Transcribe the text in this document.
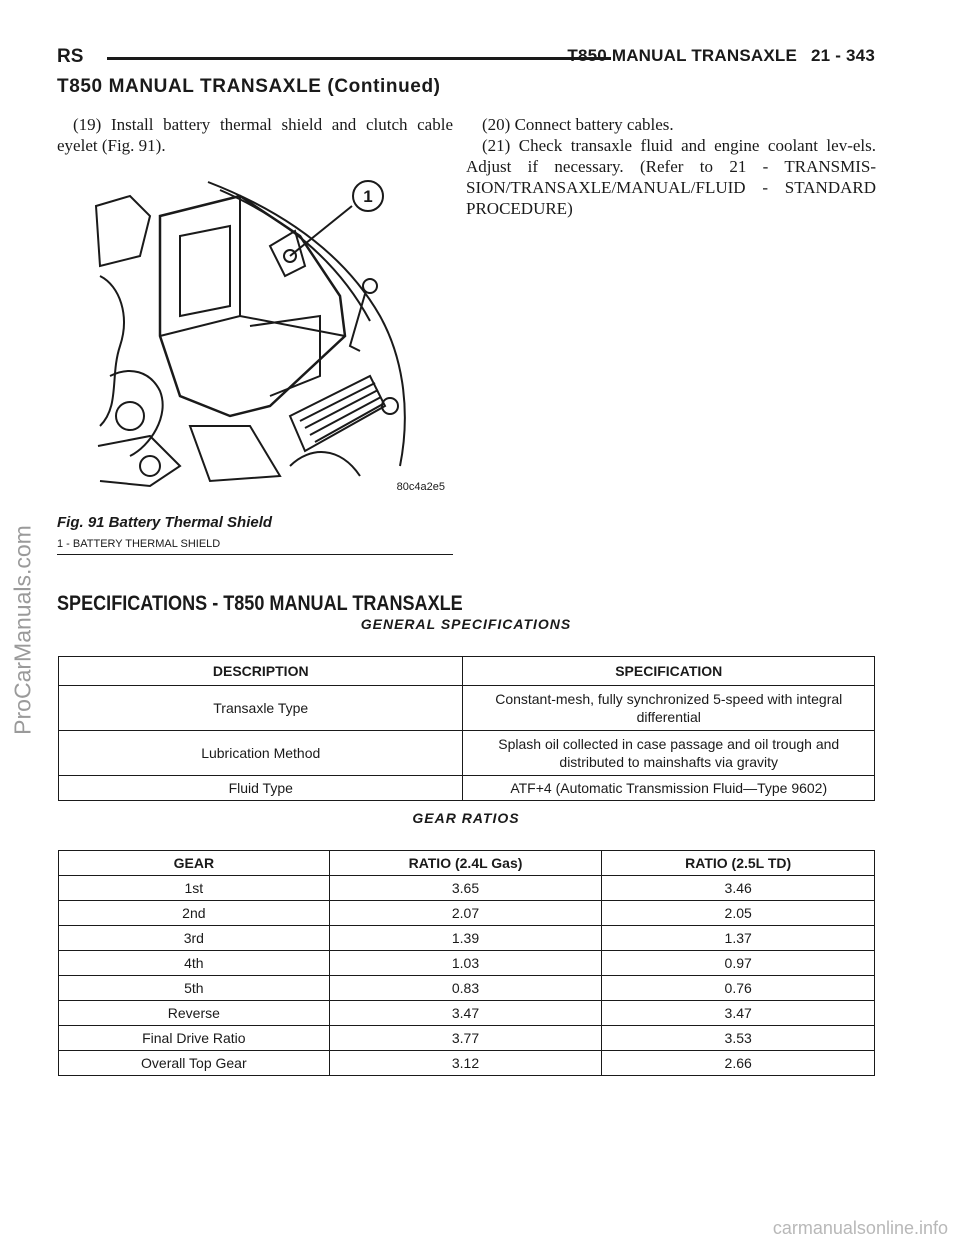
RS	T850 MANUAL TRANSAXLE 21 - 343
T850 MANUAL TRANSAXLE (Continued)

(19) Install battery thermal shield and clutch cable eyelet (Fig. 91).

(20) Connect battery cables.

(21) Check transaxle fluid and engine coolant lev-els. Adjust if necessary. (Refer to 21 - TRANSMIS-SION/TRANSAXLE/MANUAL/FLUID - STANDARD PROCEDURE)

1
80c4a2e5
Fig. 91 Battery Thermal Shield
1 - BATTERY THERMAL SHIELD
SPECIFICATIONS - T850 MANUAL TRANSAXLE
GENERAL SPECIFICATIONS
DESCRIPTION	SPECIFICATION
Transaxle Type	Constant-mesh, fully synchronized 5-speed with integral differential
Lubrication Method	Splash oil collected in case passage and oil trough and distributed to mainshafts via gravity
Fluid Type	ATF+4 (Automatic Transmission Fluid—Type 9602)
GEAR RATIOS
GEAR	RATIO (2.4L Gas)	RATIO (2.5L TD)
1st	3.65	3.46
2nd	2.07	2.05
3rd	1.39	1.37
4th	1.03	0.97
5th	0.83	0.76
Reverse	3.47	3.47
Final Drive Ratio	3.77	3.53
Overall Top Gear	3.12	2.66
ProCarManuals.com
carmanualsonline.info
